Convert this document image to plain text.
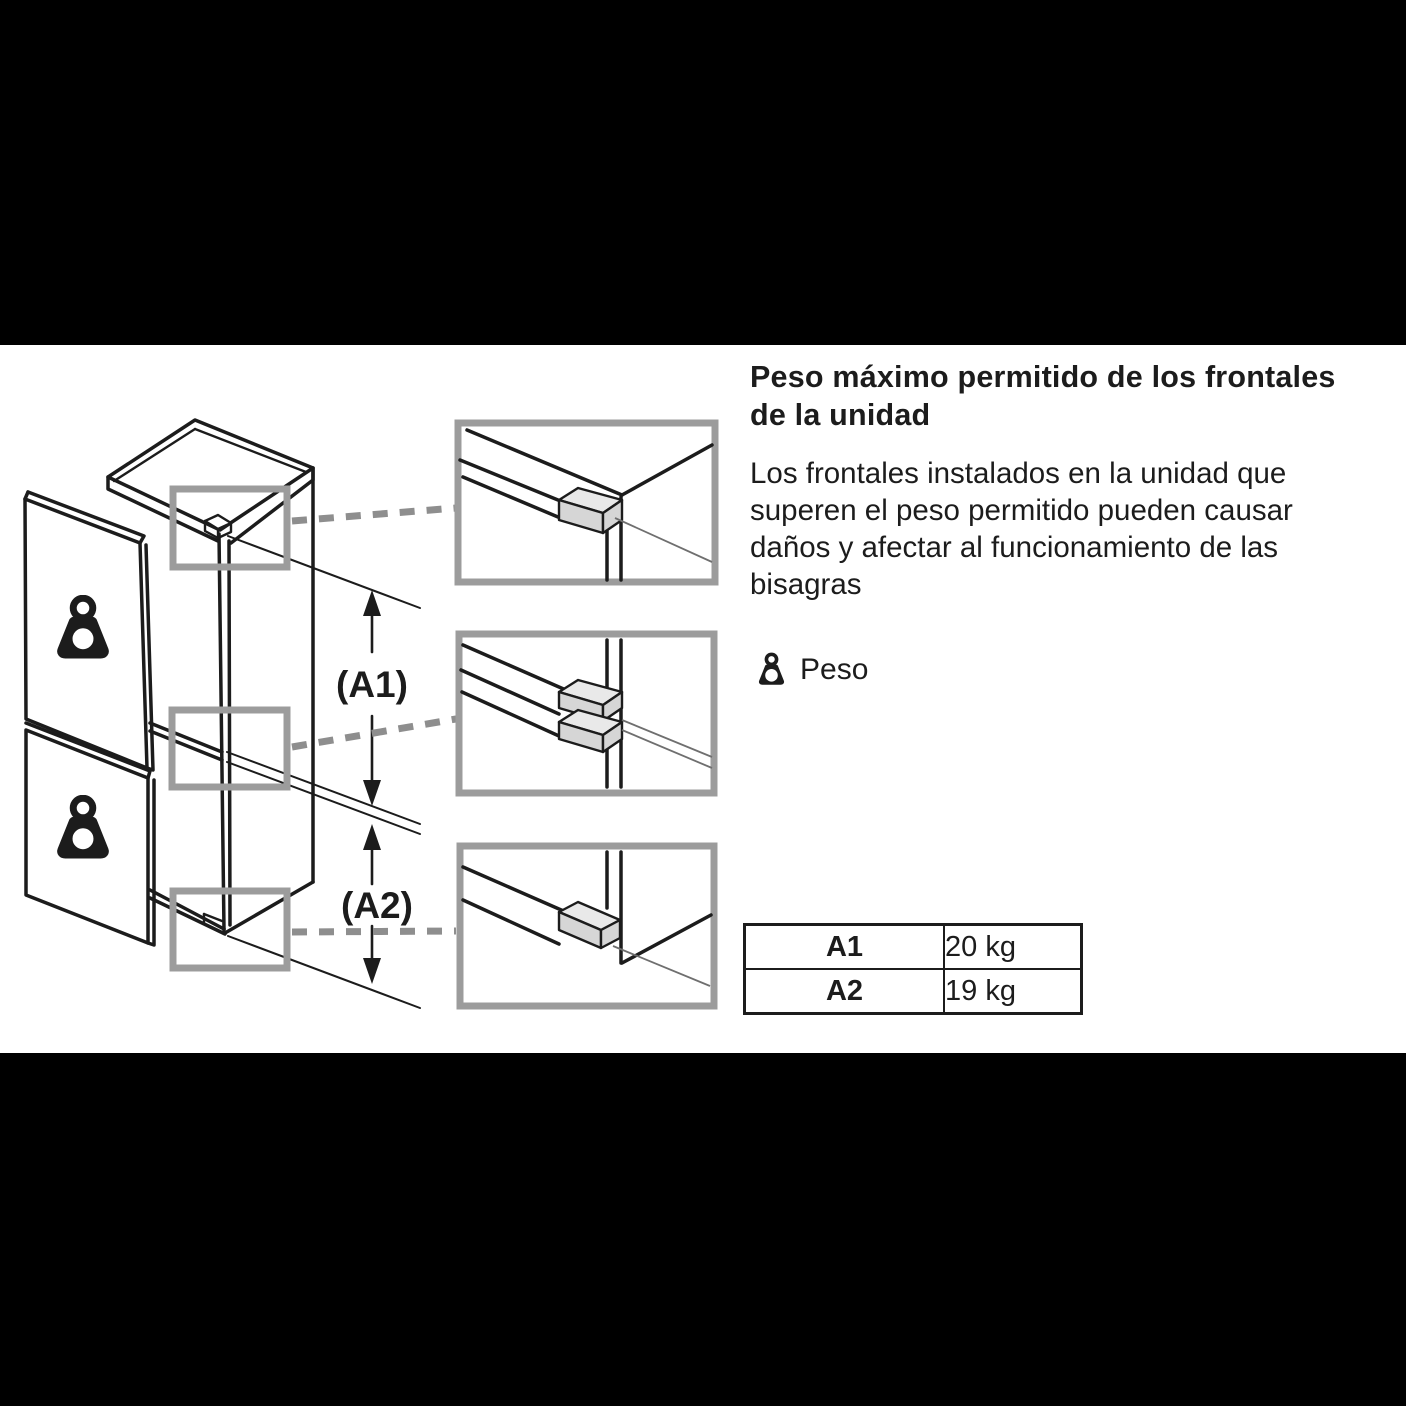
(A1)
(A2)
Peso máximo permitido de los frontales
de la unidad
Los frontales instalados en la unidad que
superen el peso permitido pueden causar
daños y afectar al funcionamiento de las
bisagras
Peso
A1	20 kg
A2	19 kg
